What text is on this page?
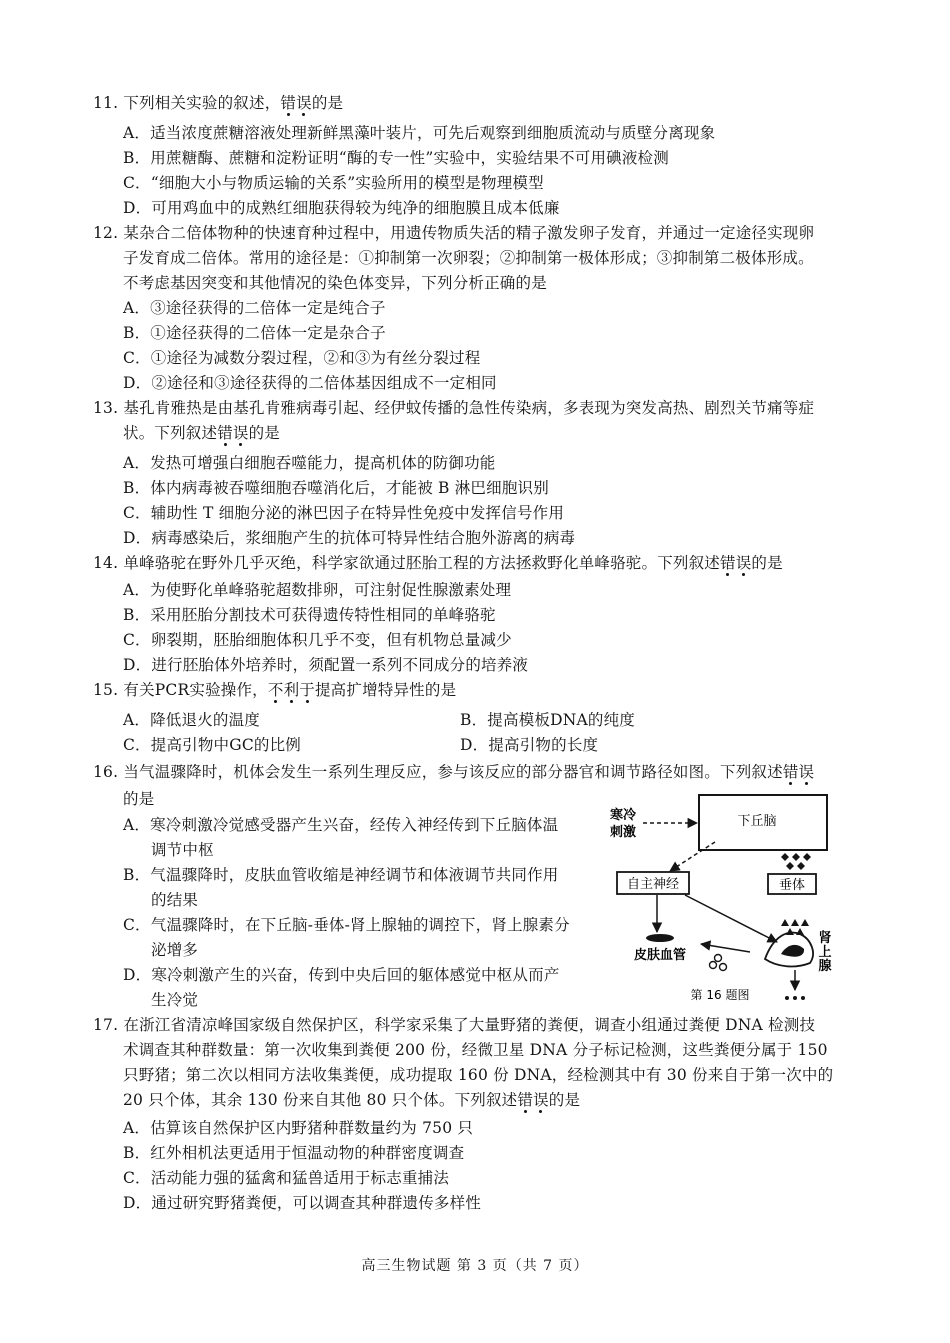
11. 下列相关实验的叙述，错误的是
A．适当浓度蔗糖溶液处理新鲜黑藻叶装片，可先后观察到细胞质流动与质壁分离现象
B．用蔗糖酶、蔗糖和淀粉证明“酶的专一性”实验中，实验结果不可用碘液检测
C．“细胞大小与物质运输的关系”实验所用的模型是物理模型
D．可用鸡血中的成熟红细胞获得较为纯净的细胞膜且成本低廉
12. 某杂合二倍体物种的快速育种过程中，用遗传物质失活的精子激发卵子发育，并通过一定途径实现卵
子发育成二倍体。常用的途径是：①抑制第一次卵裂；②抑制第一极体形成；③抑制第二极体形成。
不考虑基因突变和其他情况的染色体变异，下列分析正确的是
A．③途径获得的二倍体一定是纯合子
B．①途径获得的二倍体一定是杂合子
C．①途径为减数分裂过程，②和③为有丝分裂过程
D．②途径和③途径获得的二倍体基因组成不一定相同
13. 基孔肯雅热是由基孔肯雅病毒引起、经伊蚊传播的急性传染病，多表现为突发高热、剧烈关节痛等症
状。下列叙述错误的是
A．发热可增强白细胞吞噬能力，提高机体的防御功能
B．体内病毒被吞噬细胞吞噬消化后，才能被 B 淋巴细胞识别
C．辅助性 T 细胞分泌的淋巴因子在特异性免疫中发挥信号作用
D．病毒感染后，浆细胞产生的抗体可特异性结合胞外游离的病毒
14. 单峰骆驼在野外几乎灭绝，科学家欲通过胚胎工程的方法拯救野化单峰骆驼。下列叙述错误的是
A．为使野化单峰骆驼超数排卵，可注射促性腺激素处理
B．采用胚胎分割技术可获得遗传特性相同的单峰骆驼
C．卵裂期，胚胎细胞体积几乎不变，但有机物总量减少
D．进行胚胎体外培养时，须配置一系列不同成分的培养液
15. 有关PCR实验操作，不利于提高扩增特异性的是
A．降低退火的温度	B．提高模板DNA的纯度
C．提高引物中GC的比例	D．提高引物的长度
16. 当气温骤降时，机体会发生一系列生理反应，参与该反应的部分器官和调节路径如图。下列叙述错误
的是
A．寒冷刺激冷觉感受器产生兴奋，经传入神经传到下丘脑体温
调节中枢
B．气温骤降时，皮肤血管收缩是神经调节和体液调节共同作用
的结果
C．气温骤降时，在下丘脑-垂体-肾上腺轴的调控下，肾上腺素分
泌增多
D．寒冷刺激产生的兴奋，传到中央后回的躯体感觉中枢从而产
生冷觉
下丘脑
寒冷
刺激
自主神经	垂体
皮肤血管
肾
上
腺
第 16 题图
17. 在浙江省清凉峰国家级自然保护区，科学家采集了大量野猪的粪便，调查小组通过粪便 DNA 检测技
术调查其种群数量：第一次收集到粪便 200 份，经微卫星 DNA 分子标记检测，这些粪便分属于 150
只野猪；第二次以相同方法收集粪便，成功提取 160 份 DNA，经检测其中有 30 份来自于第一次中的
20 只个体，其余 130 份来自其他 80 只个体。下列叙述错误的是
A．估算该自然保护区内野猪种群数量约为 750 只
B．红外相机法更适用于恒温动物的种群密度调查
C．活动能力强的猛禽和猛兽适用于标志重捕法
D．通过研究野猪粪便，可以调查其种群遗传多样性
高三生物试题 第 3 页（共 7 页）
